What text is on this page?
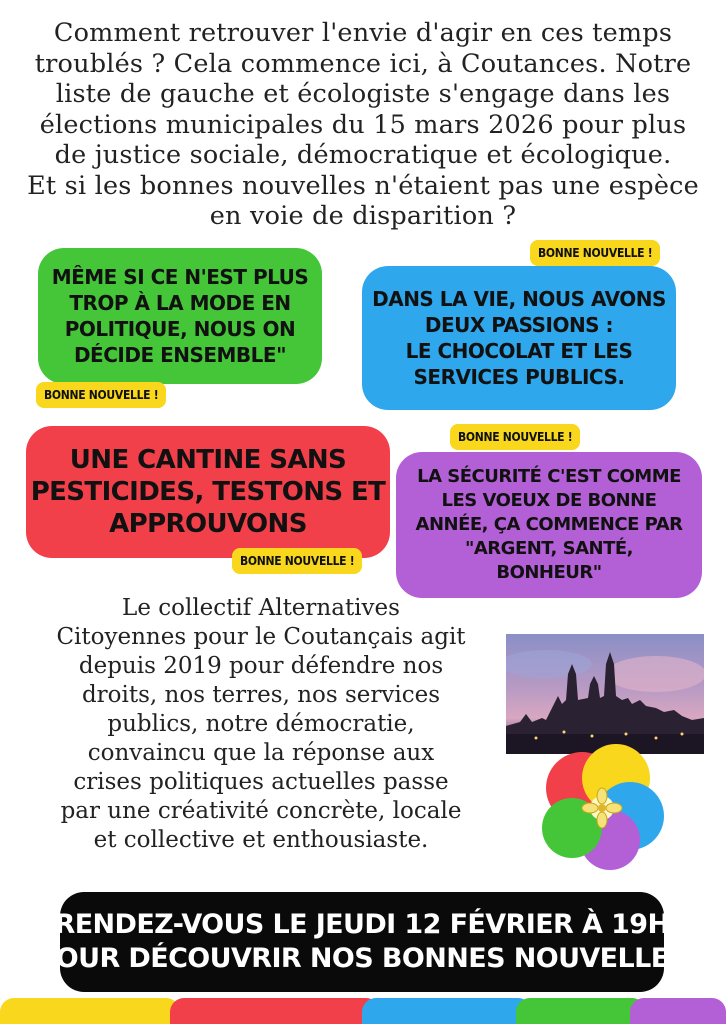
Comment retrouver l'envie d'agir en ces temps
troublés ? Cela commence ici, à Coutances. Notre
liste de gauche et écologiste s'engage dans les
élections municipales du 15 mars 2026 pour plus
de justice sociale, démocratique et écologique.
Et si les bonnes nouvelles n'étaient pas une espèce
en voie de disparition ?
MÊME SI CE N'EST PLUS
TROP À LA MODE EN
POLITIQUE, NOUS ON
DÉCIDE ENSEMBLE"
DANS LA VIE, NOUS AVONS
DEUX PASSIONS :
LE CHOCOLAT ET LES
SERVICES PUBLICS.
UNE CANTINE SANS
PESTICIDES, TESTONS ET
APPROUVONS
LA SÉCURITÉ C'EST COMME
LES VOEUX DE BONNE
ANNÉE, ÇA COMMENCE PAR
"ARGENT, SANTÉ,
BONHEUR"
BONNE NOUVELLE !
BONNE NOUVELLE !
BONNE NOUVELLE !
BONNE NOUVELLE !
Le collectif Alternatives
Citoyennes pour le Coutançais agit
depuis 2019 pour défendre nos
droits, nos terres, nos services
publics, notre démocratie,
convaincu que la réponse aux
crises politiques actuelles passe
par une créativité concrète, locale
et collective et enthousiaste.
RENDEZ-VOUS LE JEUDI 12 FÉVRIER À 19H
POUR DÉCOUVRIR NOS BONNES NOUVELLES
